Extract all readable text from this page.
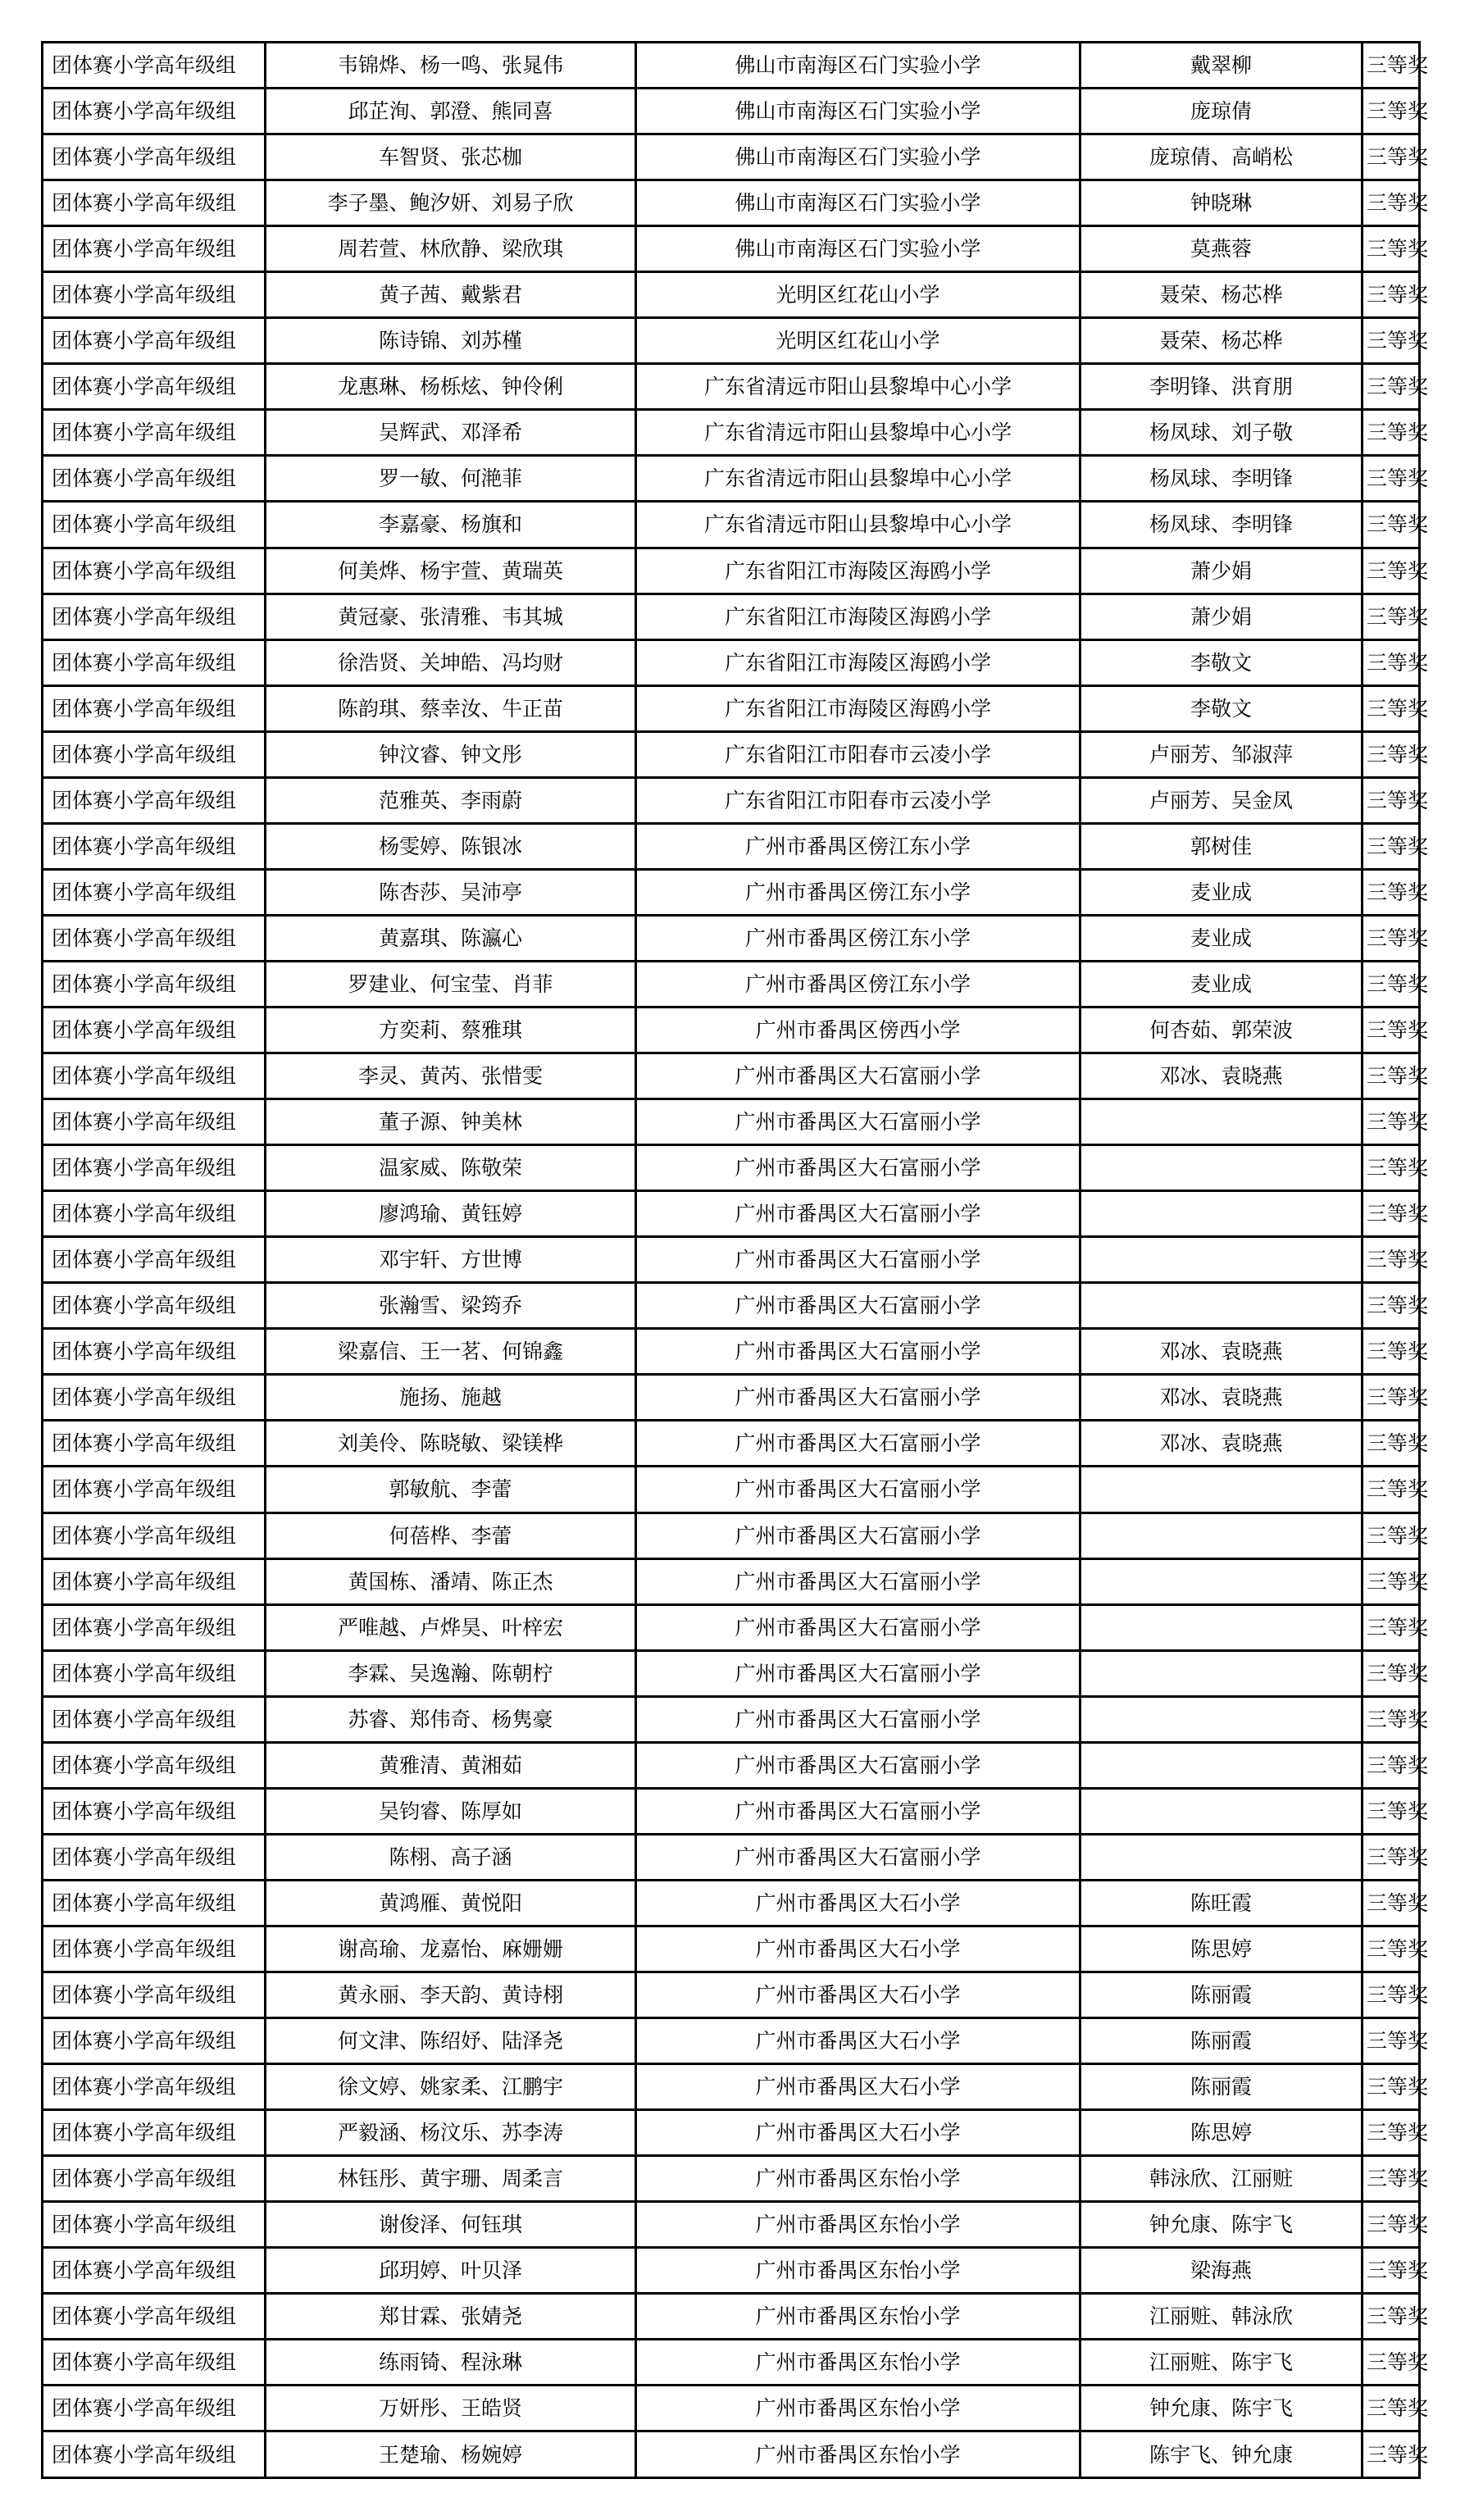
团体赛小学高年级组	韦锦烨、杨一鸣、张晁伟	佛山市南海区石门实验小学	戴翠柳	三等奖
团体赛小学高年级组	邱芷洵、郭澄、熊同喜	佛山市南海区石门实验小学	庞琼倩	三等奖
团体赛小学高年级组	车智贤、张芯枷	佛山市南海区石门实验小学	庞琼倩、高峭松	三等奖
团体赛小学高年级组	李子墨、鲍汐妍、刘易子欣	佛山市南海区石门实验小学	钟晓琳	三等奖
团体赛小学高年级组	周若萱、林欣静、梁欣琪	佛山市南海区石门实验小学	莫燕蓉	三等奖
团体赛小学高年级组	黄子茜、戴紫君	光明区红花山小学	聂荣、杨芯桦	三等奖
团体赛小学高年级组	陈诗锦、刘苏槿	光明区红花山小学	聂荣、杨芯桦	三等奖
团体赛小学高年级组	龙惠琳、杨栎炫、钟伶俐	广东省清远市阳山县黎埠中心小学	李明锋、洪育朋	三等奖
团体赛小学高年级组	吴辉武、邓泽希	广东省清远市阳山县黎埠中心小学	杨凤球、刘子敬	三等奖
团体赛小学高年级组	罗一敏、何滟菲	广东省清远市阳山县黎埠中心小学	杨凤球、李明锋	三等奖
团体赛小学高年级组	李嘉豪、杨旗和	广东省清远市阳山县黎埠中心小学	杨凤球、李明锋	三等奖
团体赛小学高年级组	何美烨、杨宇萱、黄瑞英	广东省阳江市海陵区海鸥小学	萧少娟	三等奖
团体赛小学高年级组	黄冠豪、张清雅、韦其城	广东省阳江市海陵区海鸥小学	萧少娟	三等奖
团体赛小学高年级组	徐浩贤、关坤皓、冯均财	广东省阳江市海陵区海鸥小学	李敬文	三等奖
团体赛小学高年级组	陈韵琪、蔡幸汝、牛正苗	广东省阳江市海陵区海鸥小学	李敬文	三等奖
团体赛小学高年级组	钟汶睿、钟文彤	广东省阳江市阳春市云凌小学	卢丽芳、邹淑萍	三等奖
团体赛小学高年级组	范雅英、李雨蔚	广东省阳江市阳春市云凌小学	卢丽芳、吴金凤	三等奖
团体赛小学高年级组	杨雯婷、陈银冰	广州市番禺区傍江东小学	郭树佳	三等奖
团体赛小学高年级组	陈杏莎、吴沛亭	广州市番禺区傍江东小学	麦业成	三等奖
团体赛小学高年级组	黄嘉琪、陈瀛心	广州市番禺区傍江东小学	麦业成	三等奖
团体赛小学高年级组	罗建业、何宝莹、肖菲	广州市番禺区傍江东小学	麦业成	三等奖
团体赛小学高年级组	方奕莉、蔡雅琪	广州市番禺区傍西小学	何杏茹、郭荣波	三等奖
团体赛小学高年级组	李灵、黄芮、张惜雯	广州市番禺区大石富丽小学	邓冰、袁晓燕	三等奖
团体赛小学高年级组	董子源、钟美林	广州市番禺区大石富丽小学		三等奖
团体赛小学高年级组	温家威、陈敬荣	广州市番禺区大石富丽小学		三等奖
团体赛小学高年级组	廖鸿瑜、黄钰婷	广州市番禺区大石富丽小学		三等奖
团体赛小学高年级组	邓宇轩、方世博	广州市番禺区大石富丽小学		三等奖
团体赛小学高年级组	张瀚雪、梁筠乔	广州市番禺区大石富丽小学		三等奖
团体赛小学高年级组	梁嘉信、王一茗、何锦鑫	广州市番禺区大石富丽小学	邓冰、袁晓燕	三等奖
团体赛小学高年级组	施扬、施越	广州市番禺区大石富丽小学	邓冰、袁晓燕	三等奖
团体赛小学高年级组	刘美伶、陈晓敏、梁镁桦	广州市番禺区大石富丽小学	邓冰、袁晓燕	三等奖
团体赛小学高年级组	郭敏航、李蕾	广州市番禺区大石富丽小学		三等奖
团体赛小学高年级组	何蓓桦、李蕾	广州市番禺区大石富丽小学		三等奖
团体赛小学高年级组	黄国栋、潘靖、陈正杰	广州市番禺区大石富丽小学		三等奖
团体赛小学高年级组	严唯越、卢烨昊、叶梓宏	广州市番禺区大石富丽小学		三等奖
团体赛小学高年级组	李霖、吴逸瀚、陈朝柠	广州市番禺区大石富丽小学		三等奖
团体赛小学高年级组	苏睿、郑伟奇、杨隽豪	广州市番禺区大石富丽小学		三等奖
团体赛小学高年级组	黄雅清、黄湘茹	广州市番禺区大石富丽小学		三等奖
团体赛小学高年级组	吴钧睿、陈厚如	广州市番禺区大石富丽小学		三等奖
团体赛小学高年级组	陈栩、高子涵	广州市番禺区大石富丽小学		三等奖
团体赛小学高年级组	黄鸿雁、黄悦阳	广州市番禺区大石小学	陈旺霞	三等奖
团体赛小学高年级组	谢高瑜、龙嘉怡、麻姗姗	广州市番禺区大石小学	陈思婷	三等奖
团体赛小学高年级组	黄永丽、李天韵、黄诗栩	广州市番禺区大石小学	陈丽霞	三等奖
团体赛小学高年级组	何文津、陈绍妤、陆泽尧	广州市番禺区大石小学	陈丽霞	三等奖
团体赛小学高年级组	徐文婷、姚家柔、江鹏宇	广州市番禺区大石小学	陈丽霞	三等奖
团体赛小学高年级组	严毅涵、杨汶乐、苏李涛	广州市番禺区大石小学	陈思婷	三等奖
团体赛小学高年级组	林钰彤、黄宇珊、周柔言	广州市番禺区东怡小学	韩泳欣、江丽赃	三等奖
团体赛小学高年级组	谢俊泽、何钰琪	广州市番禺区东怡小学	钟允康、陈宇飞	三等奖
团体赛小学高年级组	邱玥婷、叶贝泽	广州市番禺区东怡小学	梁海燕	三等奖
团体赛小学高年级组	郑甘霖、张婧尧	广州市番禺区东怡小学	江丽赃、韩泳欣	三等奖
团体赛小学高年级组	练雨锜、程泳琳	广州市番禺区东怡小学	江丽赃、陈宇飞	三等奖
团体赛小学高年级组	万妍彤、王皓贤	广州市番禺区东怡小学	钟允康、陈宇飞	三等奖
团体赛小学高年级组	王楚瑜、杨婉婷	广州市番禺区东怡小学	陈宇飞、钟允康	三等奖
